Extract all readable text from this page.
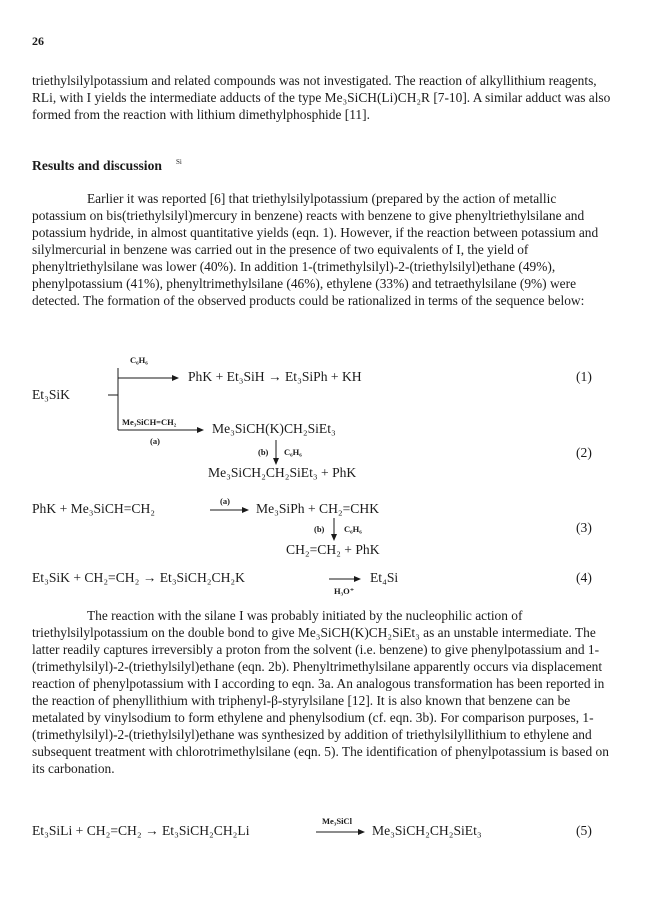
26

triethylsilylpotassium and related compounds was not investigated. The reaction of alkyllithium reagents, RLi, with I yields the intermediate adducts of the type Me₃SiCH(Li)CH₂R [7-10]. A similar adduct was also formed from the reaction with lithium dimethylphosphide [11].

Results and discussion $^{Si}$

Earlier it was reported [6] that triethylsilylpotassium (prepared by the action of metallic potassium on bis(triethylsilyl)mercury in benzene) reacts with benzene to give phenyltriethylsilane and potassium hydride, in almost quantitative yields (eqn. 1). However, if the reaction between potassium and silylmercurial in benzene was carried out in the presence of two equivalents of I, the yield of phenyltriethylsilane was lower (40%). In addition 1-(trimethylsilyl)-2-(triethylsilyl)ethane (49%), phenylpotassium (41%), phenyltrimethylsilane (46%), ethylene (33%) and tetraethylsilane (9%) were detected. The formation of the observed products could be rationalized in terms of the sequence below:

C₆H₆
PhK + Et₃SiH → Et₃SiPh + KH	(1)
Et₃SiK
Me₃SiCH=CH₂	Me₃SiCH(K)CH₂SiEt₃
(a)
(b) C₆H₆	(2)
Me₃SiCH₂CH₂SiEt₃ + PhK
PhK + Me₃SiCH=CH₂	(a) Me₃SiPh + CH₂=CHK
(b) C₆H₆	(3)
CH₂=CH₂ + PhK
Et₃SiK + CH₂=CH₂ → Et₃SiCH₂CH₂K
H₃O⁺
Et₄Si	(4)

The reaction with the silane I was probably initiated by the nucleophilic action of triethylsilylpotassium on the double bond to give Me₃SiCH(K)CH₂SiEt₃ as an unstable intermediate. The latter readily captures irreversibly a proton from the solvent (i.e. benzene) to give phenylpotassium and 1-(trimethylsilyl)-2-(triethylsilyl)ethane (eqn. 2b). Phenyltrimethylsilane apparently occurs via displacement reaction of phenylpotassium with I according to eqn. 3a. An analogous transformation has been reported in the reaction of phenyllithium with triphenyl-β-styrylsilane [12]. It is also known that benzene can be metalated by vinylsodium to form ethylene and phenylsodium (cf. eqn. 3b). For comparison purposes, 1-(trimethylsilyl)-2-(triethylsilyl)ethane was synthesized by addition of triethylsilyllithium to ethylene and subsequent treatment with chlorotrimethylsilane (eqn. 5). The identification of phenylpotassium is based on its carbonation.

Et₃SiLi + CH₂=CH₂ → Et₃SiCH₂CH₂Li
Me₃SiCl
Me₃SiCH₂CH₂SiEt₃	(5)
